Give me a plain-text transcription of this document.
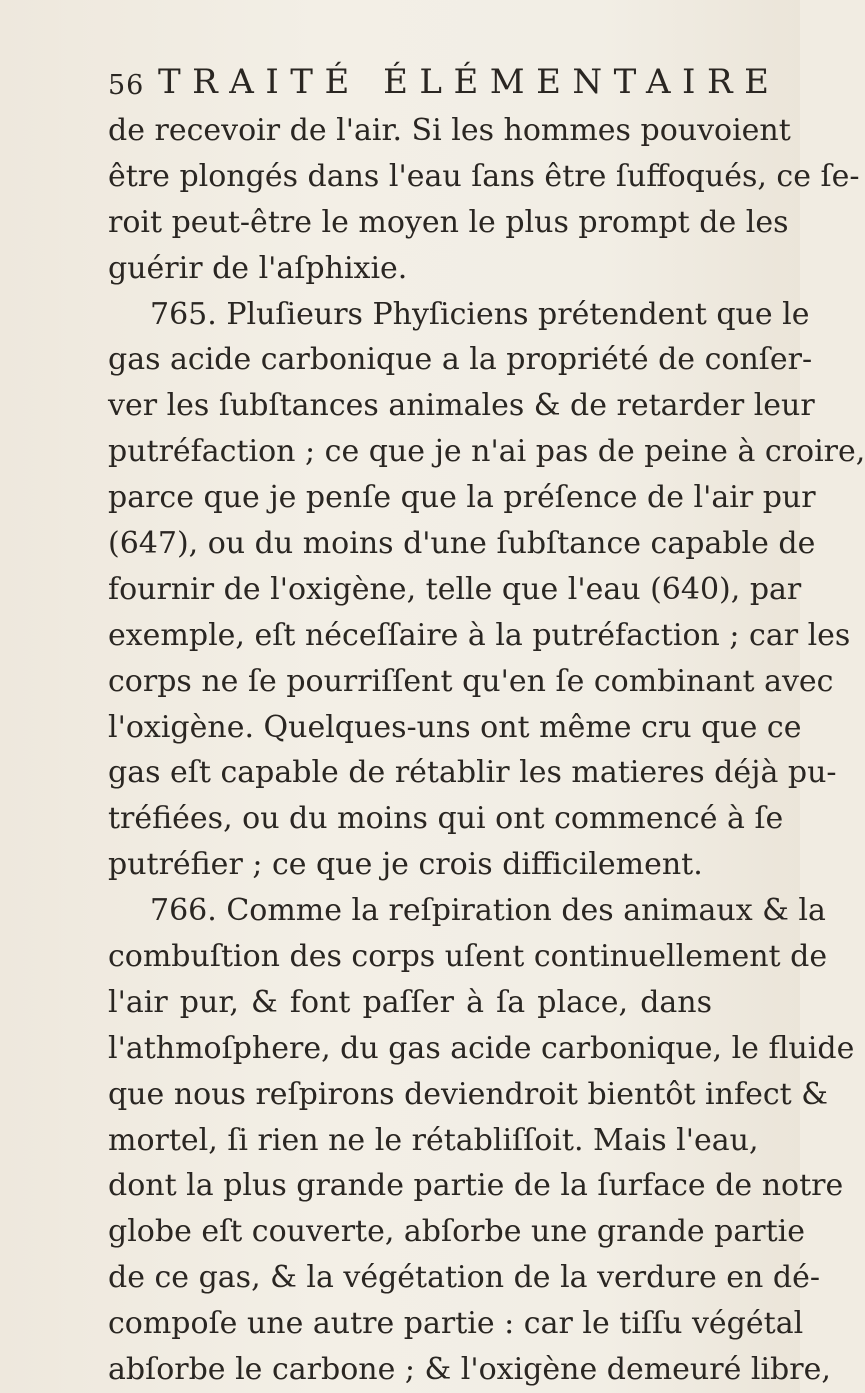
56 TRAITÉ ÉLÉMENTAIRE
de recevoir de l'air. Si les hommes pouvoient
être plongés dans l'eau ſans être ſuffoqués, ce ſe-
roit peut-être le moyen le plus prompt de les
guérir de l'aſphixie.
765. Pluſieurs Phyſiciens prétendent que le
gas acide carbonique a la propriété de conſer-
ver les ſubſtances animales & de retarder leur
putréfaction ; ce que je n'ai pas de peine à croire,
parce que je penſe que la préſence de l'air pur
(647), ou du moins d'une ſubſtance capable de
fournir de l'oxigène, telle que l'eau (640), par
exemple, eſt néceſſaire à la putréfaction ; car les
corps ne ſe pourriſſent qu'en ſe combinant avec
l'oxigène. Quelques-uns ont même cru que ce
gas eſt capable de rétablir les matieres déjà pu-
tréfiées, ou du moins qui ont commencé à ſe
putréfier ; ce que je crois difficilement.
766. Comme la reſpiration des animaux & la
combuſtion des corps uſent continuellement de
l'air pur, & font paſſer à ſa place, dans
l'athmoſphere, du gas acide carbonique, le fluide
que nous reſpirons deviendroit bientôt infect &
mortel, ſi rien ne le rétabliſſoit. Mais l'eau,
dont la plus grande partie de la ſurface de notre
globe eſt couverte, abſorbe une grande partie
de ce gas, & la végétation de la verdure en dé-
compoſe une autre partie : car le tiſſu végétal
abſorbe le carbone ; & l'oxigène demeuré libre,
